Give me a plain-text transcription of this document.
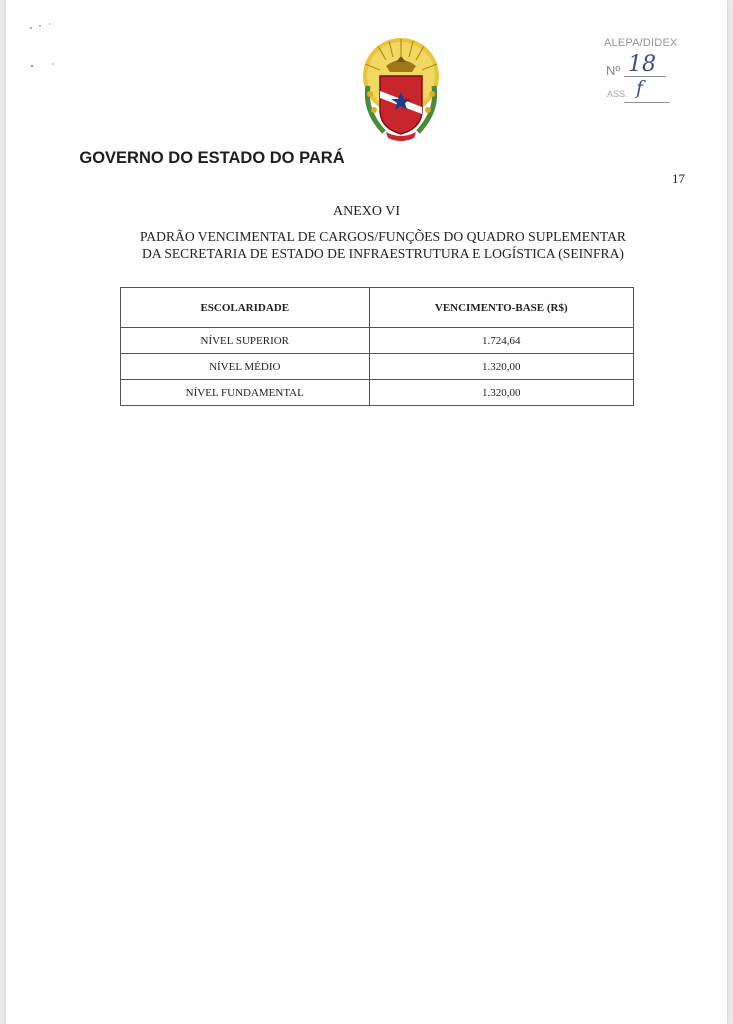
ALEPA/DIDEX
Nº 18
ASS. f
GOVERNO DO ESTADO DO PARÁ
17
ANEXO VI
PADRÃO VENCIMENTAL DE CARGOS/FUNÇÕES DO QUADRO SUPLEMENTAR
DA SECRETARIA DE ESTADO DE INFRAESTRUTURA E LOGÍSTICA (SEINFRA)
ESCOLARIDADE	VENCIMENTO-BASE (R$)
NÍVEL SUPERIOR	1.724,64
NÍVEL MÉDIO	1.320,00
NÍVEL FUNDAMENTAL	1.320,00
